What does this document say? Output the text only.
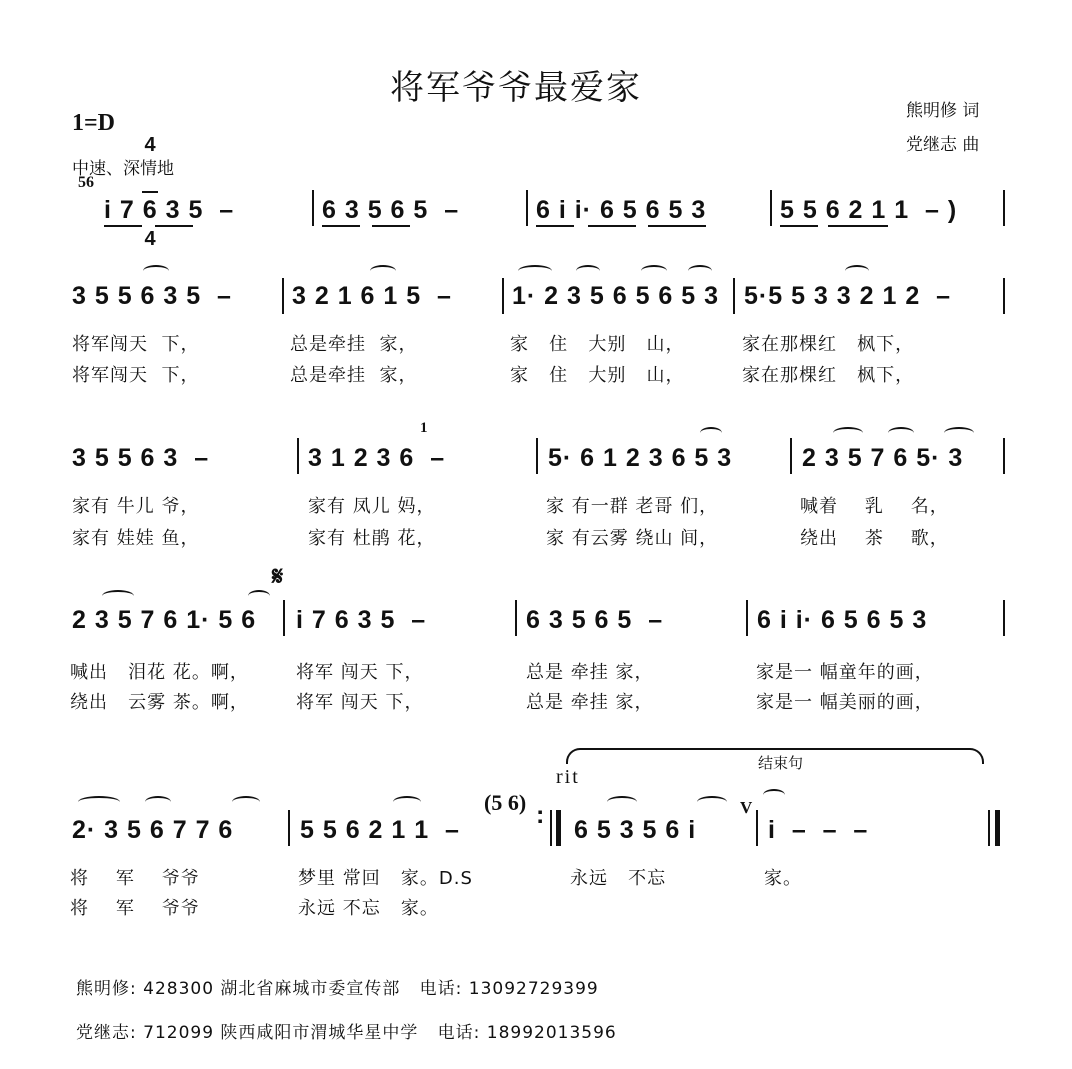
将军爷爷最爱家
1=D

4

4

中速、深情地
熊明修 词
党继志 曲
56
i 7 6 3 5  –	6 3 5 6 5  –	6 i i· 6 5 6 5 3	5 5 6 2 1 1  – )
3 5 5 6 3 5  – 3 2 1 6 1 5  – 1· 2 3 5 6 5 6 5 3 5·5 5 3 3 2 1 2  –
将军闯天  下，	总是牵挂  家，	家   住   大别   山，	家在那棵红   枫下，
将军闯天  下，	总是牵挂  家，	家   住   大别   山，	家在那棵红   枫下，
1
3 5 5 6 3  –	3 1 2 3 6  –	5· 6 1 2 3 6 5 3	2 3 5 7 6 5· 3
家有 牛儿 爷，	家有 凤儿 妈，	家 有一群 老哥 们，	喊着    乳    名，
家有 娃娃 鱼，	家有 杜鹃 花，	家 有云雾 绕山 间，	绕出    茶    歌，
𝄋
2 3 5 7 6 1· 5 6 i 7 6 3 5  –	6 3 5 6 5  –	6 i i· 6 5 6 5 3
喊出   泪花 花。啊，	将军 闯天 下，	总是 牵挂 家，	家是一 幅童年的画，
绕出   云雾 茶。啊，	将军 闯天 下，	总是 牵挂 家，	家是一 幅美丽的画，
结束句
rit
(5 6)
2· 3 5 6 7 7 6	5 5 6 2 1 1  –
:
6 5 3 5 6 i
V
i  –  –  –
将    军    爷爷	梦里 常回   家。D.S	永远   不忘	家。
将    军    爷爷	永远 不忘   家。
熊明修: 428300 湖北省麻城市委宣传部   电话: 13092729399
党继志: 712099 陕西咸阳市渭城华星中学   电话: 18992013596
